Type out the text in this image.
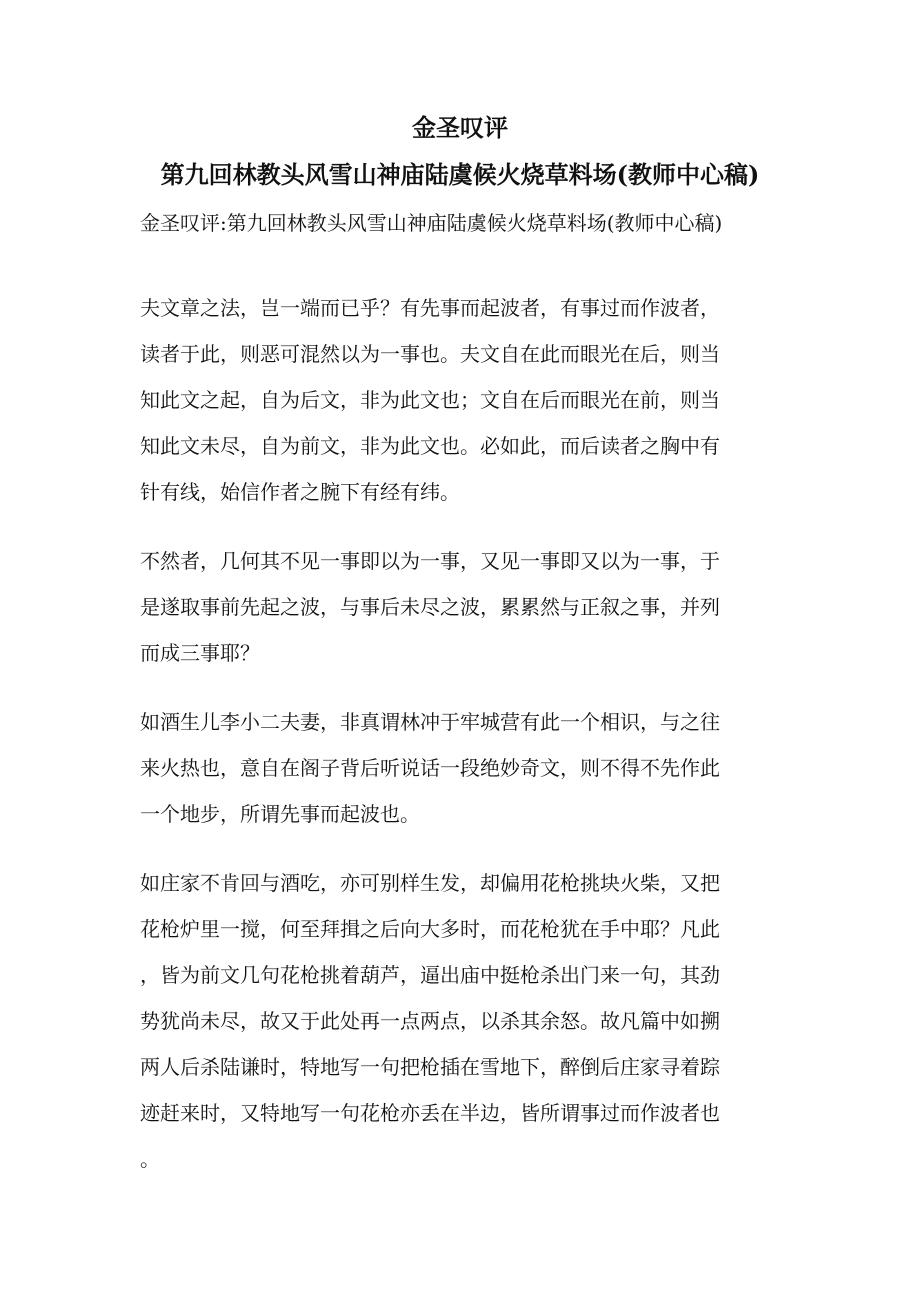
金圣叹评
第九回林教头风雪山神庙陆虞候火烧草料场(教师中心稿)

金圣叹评:第九回林教头风雪山神庙陆虞候火烧草料场(教师中心稿)

夫文章之法，岂一端而已乎？有先事而起波者，有事过而作波者，
读者于此，则恶可混然以为一事也。夫文自在此而眼光在后，则当
知此文之起，自为后文，非为此文也；文自在后而眼光在前，则当
知此文未尽，自为前文，非为此文也。必如此，而后读者之胸中有
针有线，始信作者之腕下有经有纬。
不然者，几何其不见一事即以为一事，又见一事即又以为一事，于
是遂取事前先起之波，与事后未尽之波，累累然与正叙之事，并列
而成三事耶？
如酒生儿李小二夫妻，非真谓林冲于牢城营有此一个相识，与之往
来火热也，意自在阁子背后听说话一段绝妙奇文，则不得不先作此
一个地步，所谓先事而起波也。
如庄家不肯回与酒吃，亦可别样生发，却偏用花枪挑块火柴，又把
花枪炉里一搅，何至拜揖之后向大多时，而花枪犹在手中耶？凡此
，皆为前文几句花枪挑着葫芦，逼出庙中挺枪杀出门来一句，其劲
势犹尚未尽，故又于此处再一点两点，以杀其余怒。故凡篇中如搠
两人后杀陆谦时，特地写一句把枪插在雪地下，醉倒后庄家寻着踪
迹赶来时，又特地写一句花枪亦丢在半边，皆所谓事过而作波者也
。
